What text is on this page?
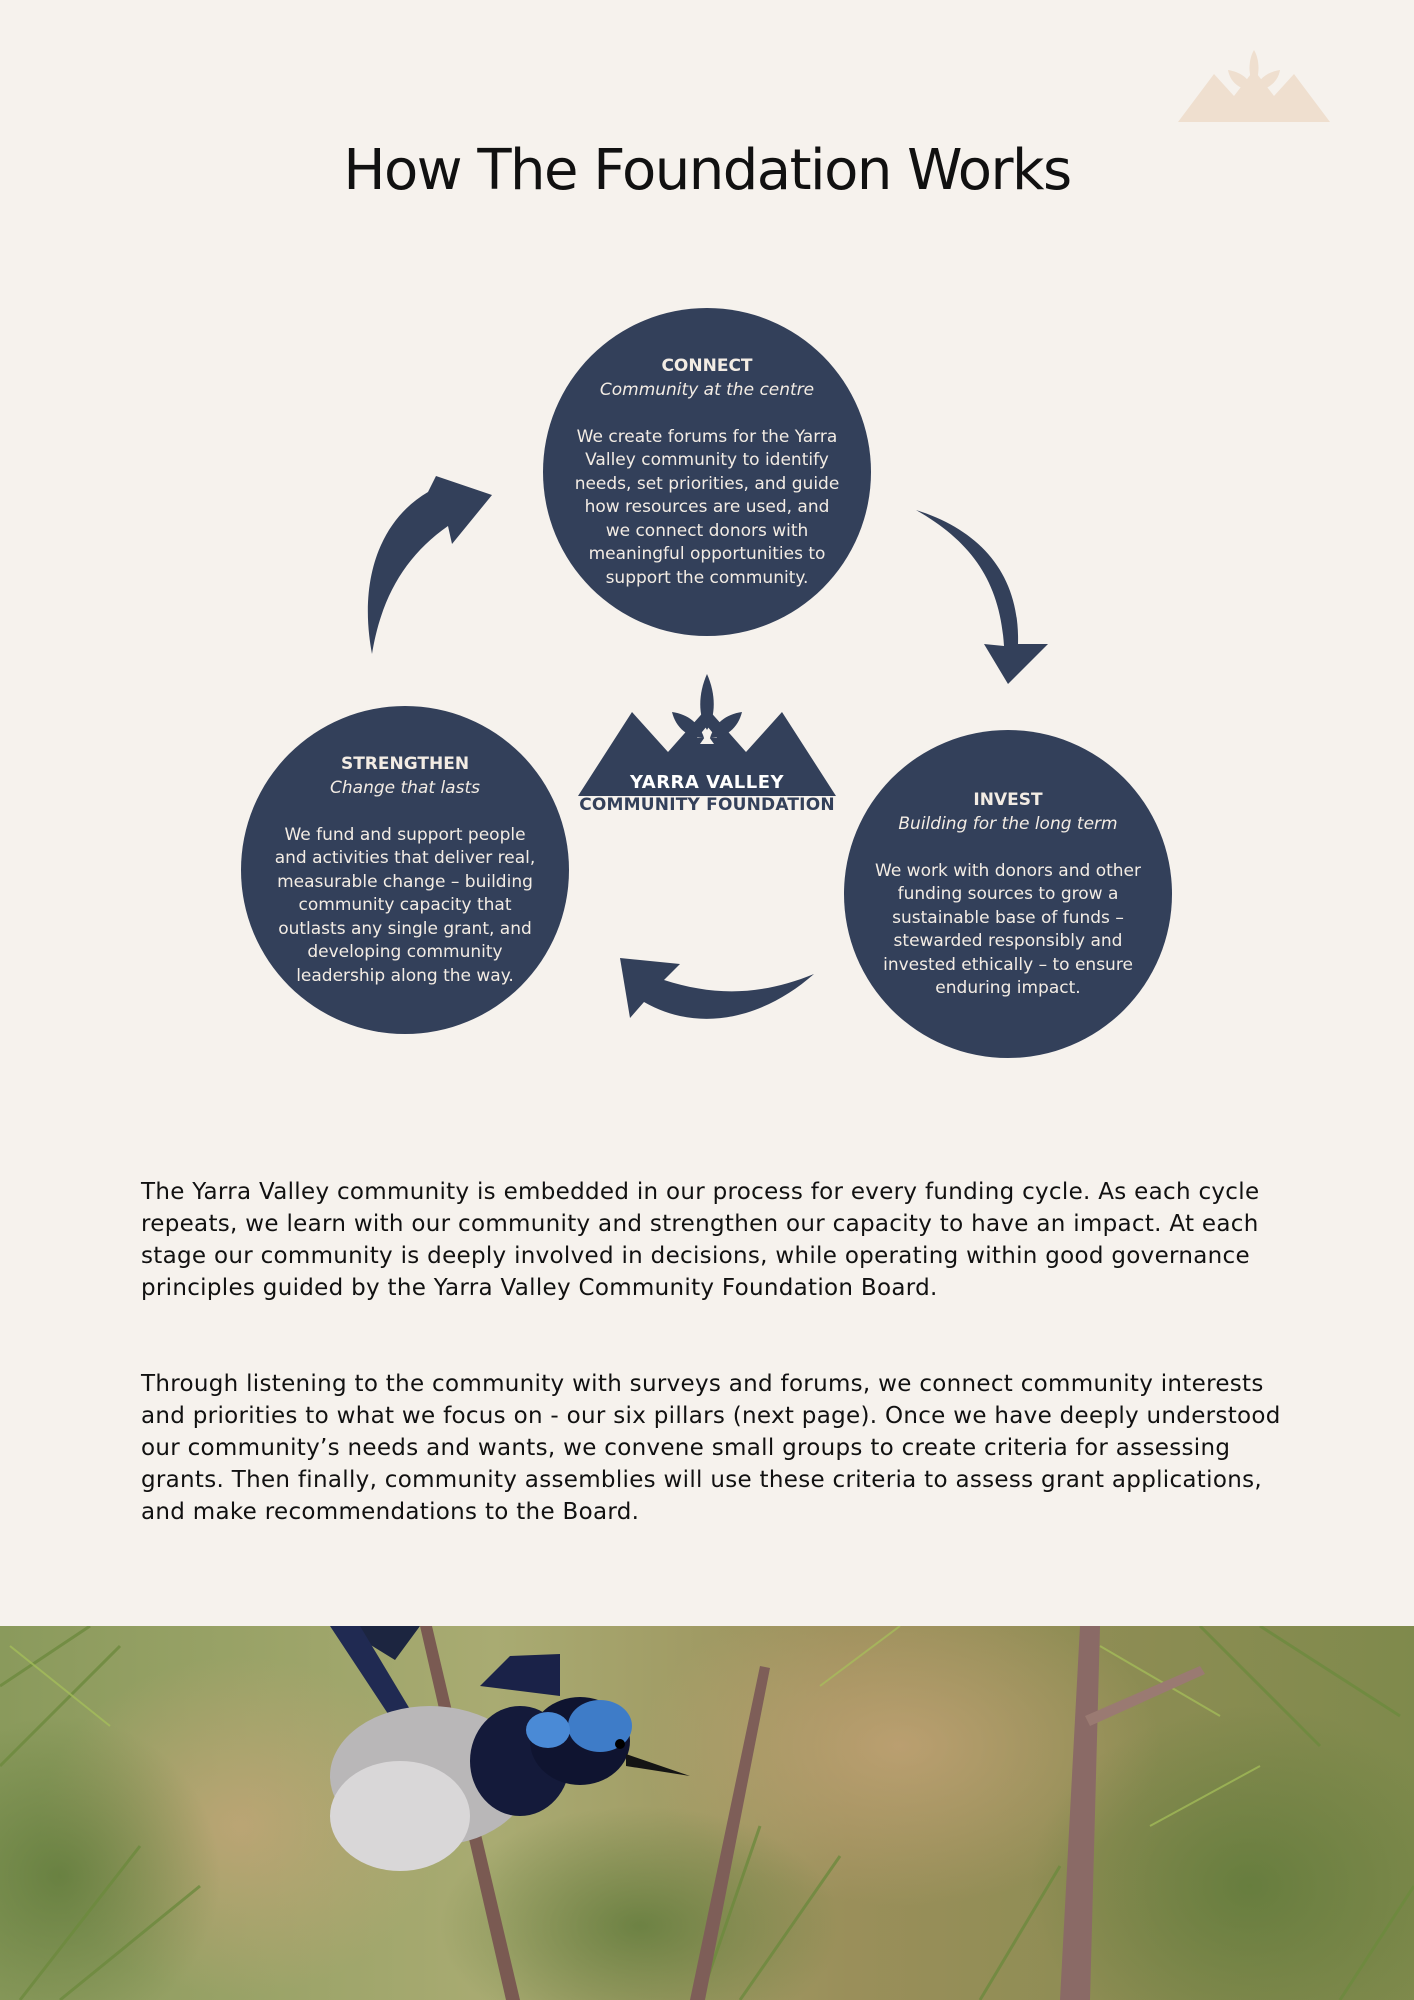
How The Foundation Works
CONNECT
Community at the centre
We create forums for the Yarra Valley community to identify needs, set priorities, and guide how resources are used, and we connect donors with meaningful opportunities to support the community.
INVEST
Building for the long term
We work with donors and other funding sources to grow a sustainable base of funds – stewarded responsibly and invested ethically – to ensure enduring impact.
STRENGTHEN
Change that lasts
We fund and support people and activities that deliver real, measurable change – building community capacity that outlasts any single grant, and developing community leadership along the way.
YARRA VALLEY
COMMUNITY FOUNDATION

The Yarra Valley community is embedded in our process for every funding cycle. As each cycle repeats, we learn with our community and strengthen our capacity to have an impact. At each stage our community is deeply involved in decisions, while operating within good governance principles guided by the Yarra Valley Community Foundation Board.

Through listening to the community with surveys and forums, we connect community interests and priorities to what we focus on - our six pillars (next page). Once we have deeply understood our community’s needs and wants, we convene small groups to create criteria for assessing grants. Then finally, community assemblies will use these criteria to assess grant applications, and make recommendations to the Board.
